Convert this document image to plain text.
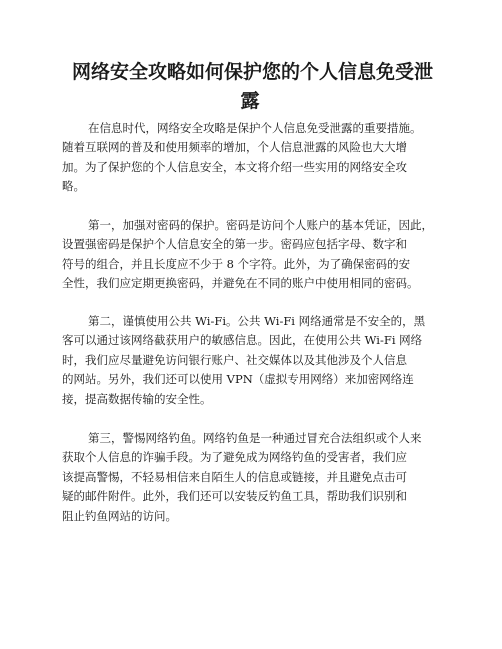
网络安全攻略如何保护您的个人信息免受泄
露
在信息时代，网络安全攻略是保护个人信息免受泄露的重要措施。
随着互联网的普及和使用频率的增加，个人信息泄露的风险也大大增
加。为了保护您的个人信息安全，本文将介绍一些实用的网络安全攻
略。
第一，加强对密码的保护。密码是访问个人账户的基本凭证，因此，
设置强密码是保护个人信息安全的第一步。密码应包括字母、数字和
符号的组合，并且长度应不少于 8 个字符。此外，为了确保密码的安
全性，我们应定期更换密码，并避免在不同的账户中使用相同的密码。
第二，谨慎使用公共 Wi-Fi。公共 Wi-Fi 网络通常是不安全的，黑
客可以通过该网络截获用户的敏感信息。因此，在使用公共 Wi-Fi 网络
时，我们应尽量避免访问银行账户、社交媒体以及其他涉及个人信息
的网站。另外，我们还可以使用 VPN（虚拟专用网络）来加密网络连
接，提高数据传输的安全性。
第三，警惕网络钓鱼。网络钓鱼是一种通过冒充合法组织或个人来
获取个人信息的诈骗手段。为了避免成为网络钓鱼的受害者，我们应
该提高警惕，不轻易相信来自陌生人的信息或链接，并且避免点击可
疑的邮件附件。此外，我们还可以安装反钓鱼工具，帮助我们识别和
阻止钓鱼网站的访问。
